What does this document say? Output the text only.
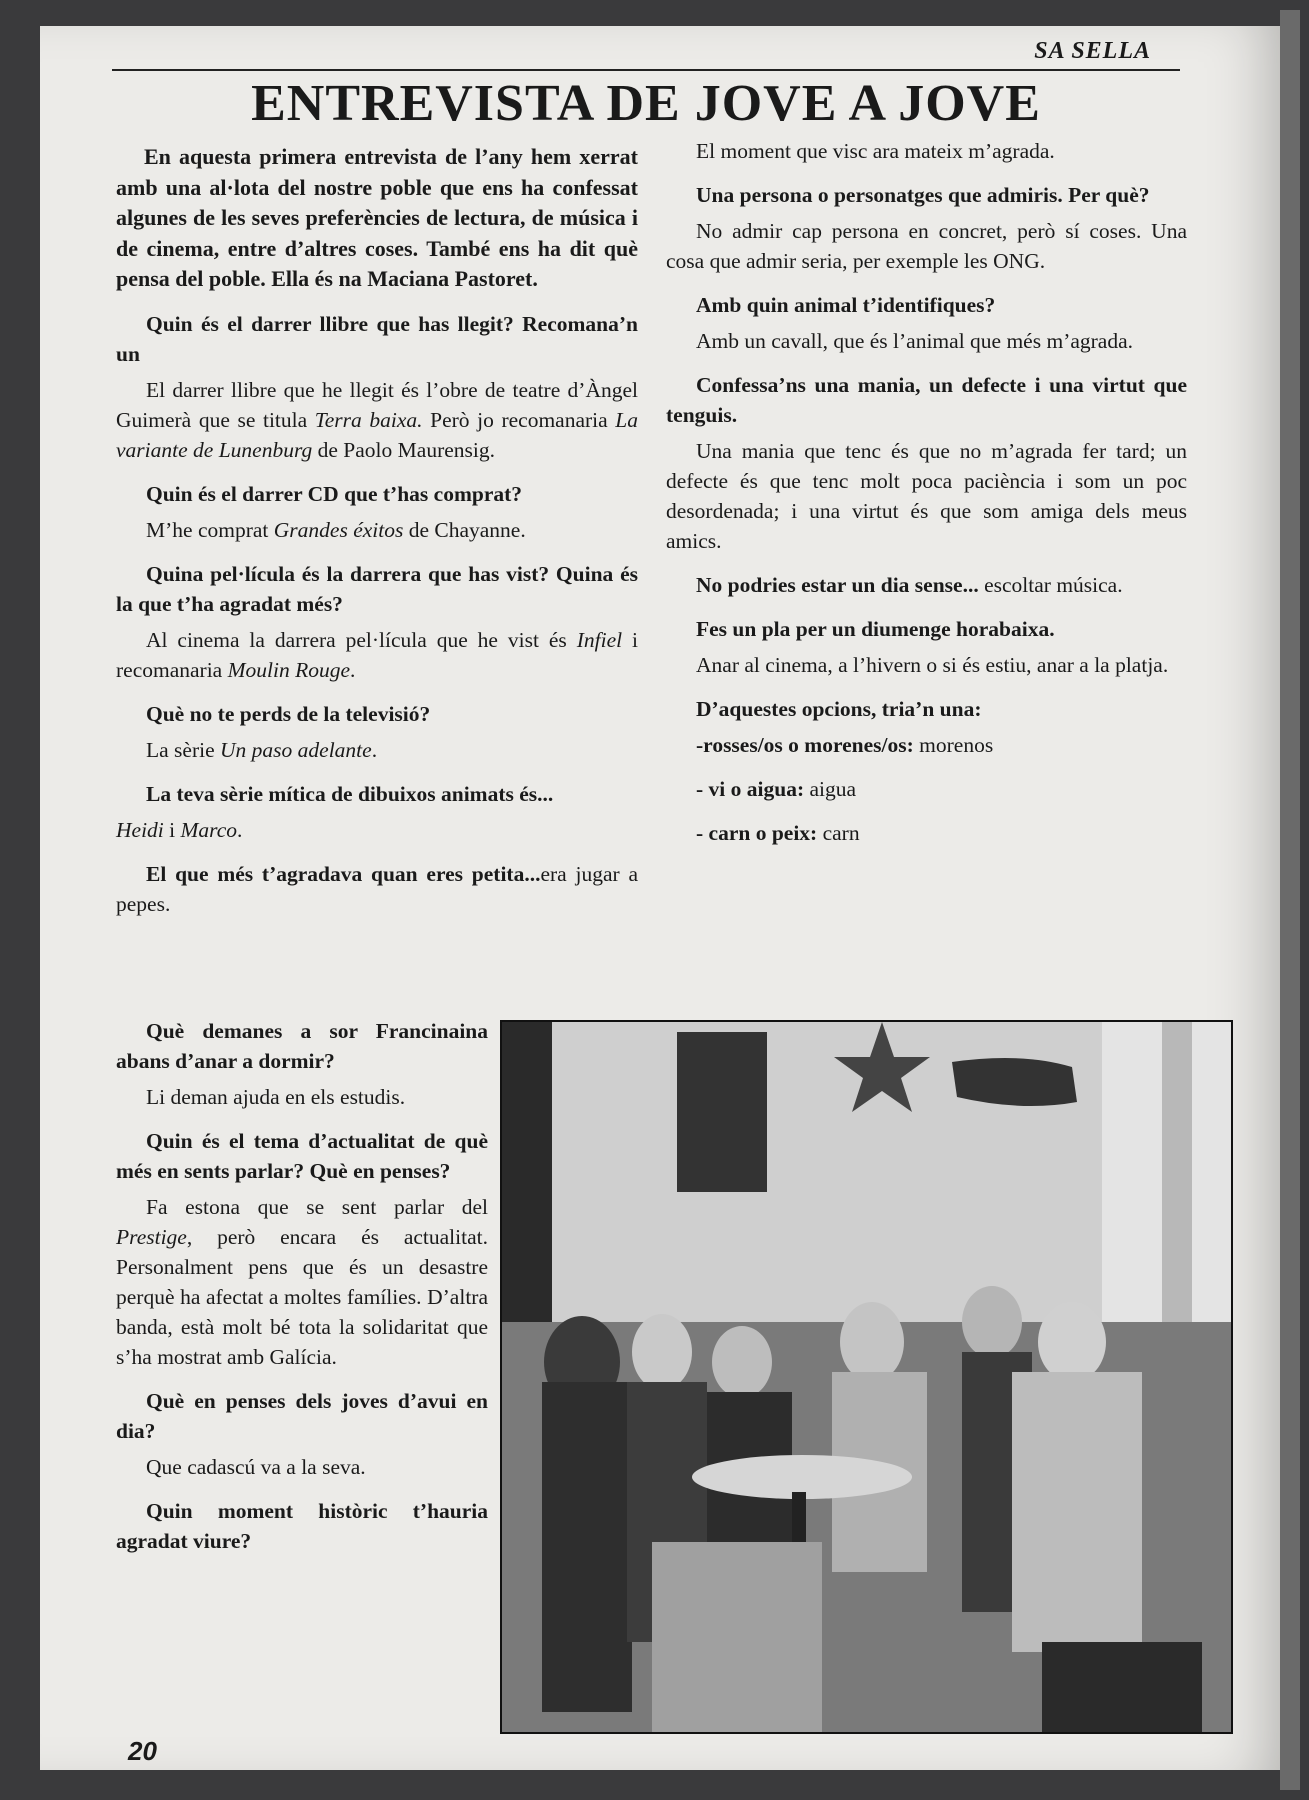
SA SELLA
ENTREVISTA DE JOVE A JOVE

En aquesta primera entrevista de l’any hem xerrat amb una al·lota del nostre poble que ens ha confessat algunes de les seves preferències de lectura, de música i de cinema, entre d’altres coses. També ens ha dit què pensa del poble. Ella és na Maciana Pastoret.

Quin és el darrer llibre que has llegit? Recomana’n un

El darrer llibre que he llegit és l’obre de teatre d’Àngel Guimerà que se titula Terra baixa. Però jo recomanaria La variante de Lunenburg de Paolo Maurensig.

Quin és el darrer CD que t’has comprat?

M’he comprat Grandes éxitos de Chayanne.

Quina pel·lícula és la darrera que has vist? Quina és la que t’ha agradat més?

Al cinema la darrera pel·lícula que he vist és Infiel i recomanaria Moulin Rouge.

Què no te perds de la televisió?

La sèrie Un paso adelante.

La teva sèrie mítica de dibuixos animats és...

Heidi i Marco.

El que més t’agradava quan eres petita...era jugar a pepes.

Què demanes a sor Francinaina abans d’anar a dormir?

Li deman ajuda en els estudis.

Quin és el tema d’actualitat de què més en sents parlar? Què en penses?

Fa estona que se sent parlar del Prestige, però encara és actualitat. Personalment pens que és un desastre perquè ha afectat a moltes famílies. D’altra banda, està molt bé tota la solidaritat que s’ha mostrat amb Galícia.

Què en penses dels joves d’avui en dia?

Que cadascú va a la seva.

Quin moment històric t’hauria agradat viure?

El moment que visc ara mateix m’agrada.

Una persona o personatges que admiris. Per què?

No admir cap persona en concret, però sí coses. Una cosa que admir seria, per exemple les ONG.

Amb quin animal t’identifiques?

Amb un cavall, que és l’animal que més m’agrada.

Confessa’ns una mania, un defecte i una virtut que tenguis.

Una mania que tenc és que no m’agrada fer tard; un defecte és que tenc molt poca paciència i som un poc desordenada; i una virtut és que som amiga dels meus amics.

No podries estar un dia sense... escoltar música.

Fes un pla per un diumenge horabaixa.

Anar al cinema, a l’hivern o si és estiu, anar a la platja.

D’aquestes opcions, tria’n una:

-rosses/os o morenes/os: morenos

- vi o aigua: aigua

- carn o peix: carn

20
